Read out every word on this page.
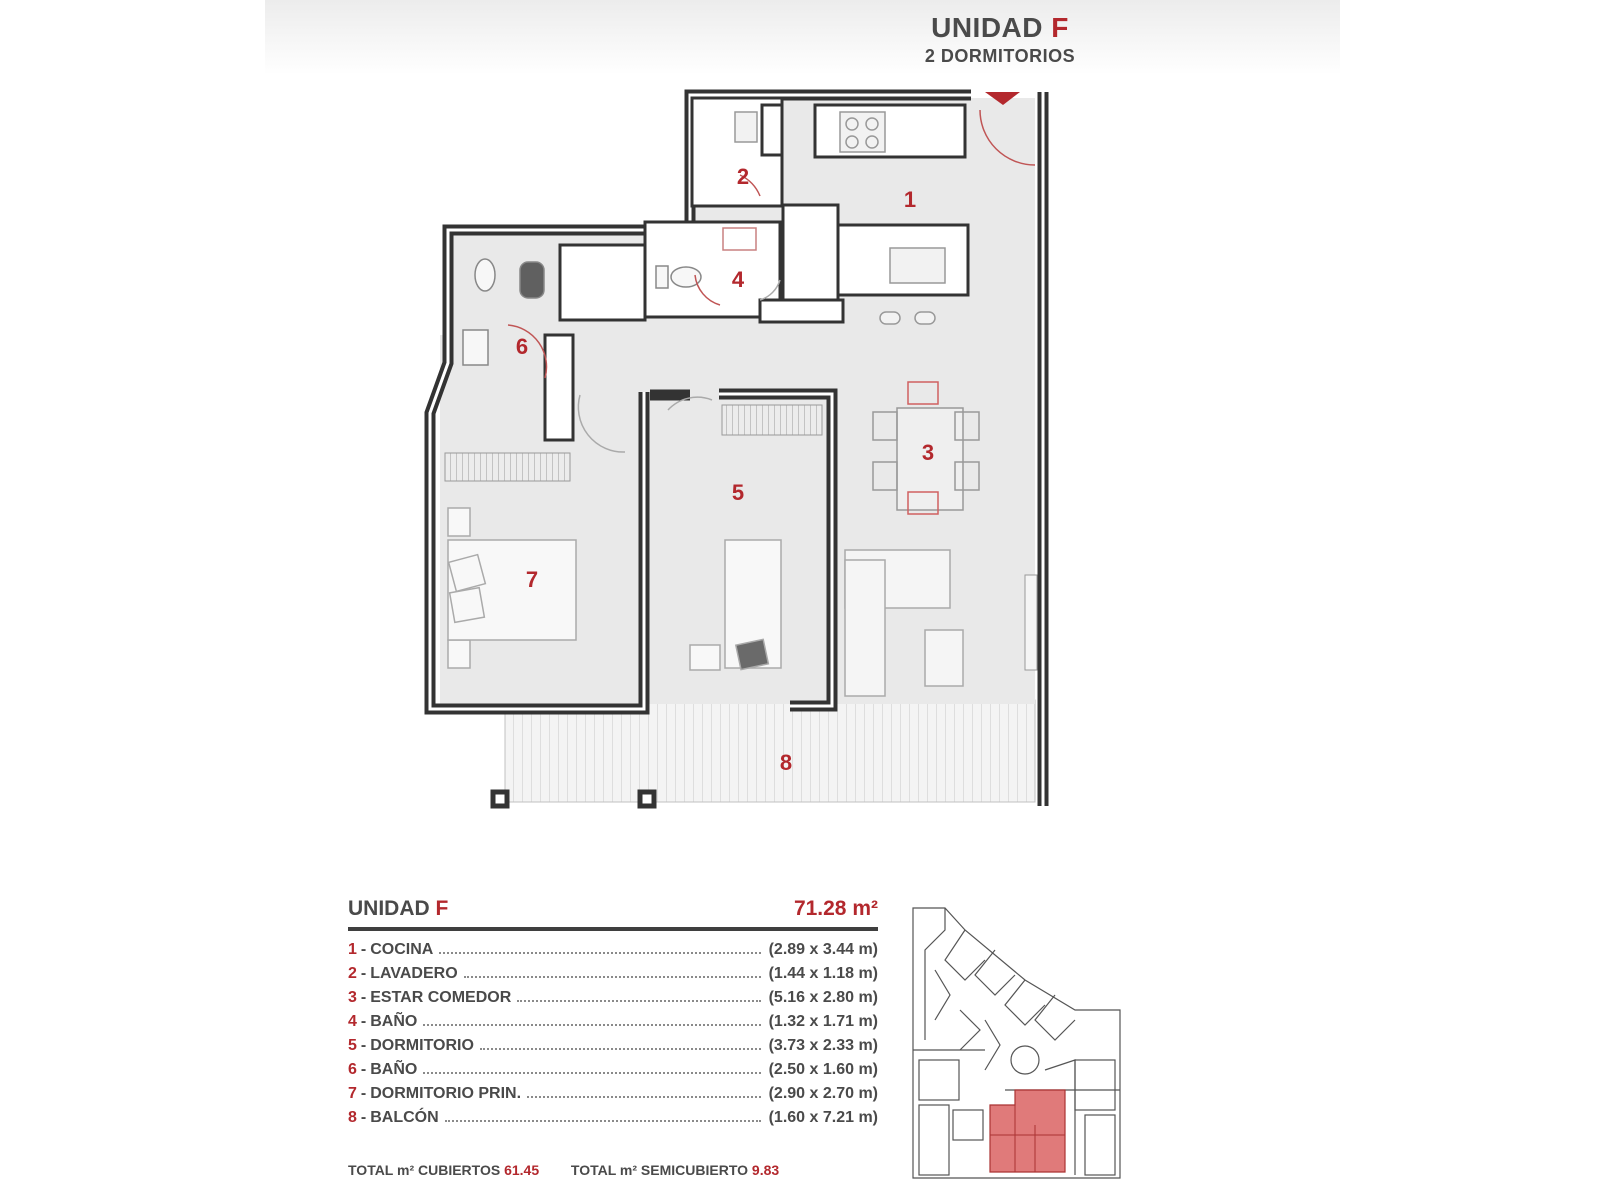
UNIDAD F
2 DORMITORIOS
1
2
3
4
5
6
7
8
UNIDAD F	71.28 m²
1 - COCINA	(2.89 x 3.44 m)
2 - LAVADERO	(1.44 x 1.18 m)
3 - ESTAR COMEDOR	(5.16 x 2.80 m)
4 - BAÑO	(1.32 x 1.71 m)
5 - DORMITORIO	(3.73 x 2.33 m)
6 - BAÑO	(2.50 x 1.60 m)
7 - DORMITORIO PRIN.	(2.90 x 2.70 m)
8 - BALCÓN	(1.60 x 7.21 m)
TOTAL m² CUBIERTOS 61.45 TOTAL m² SEMICUBIERTO 9.83
